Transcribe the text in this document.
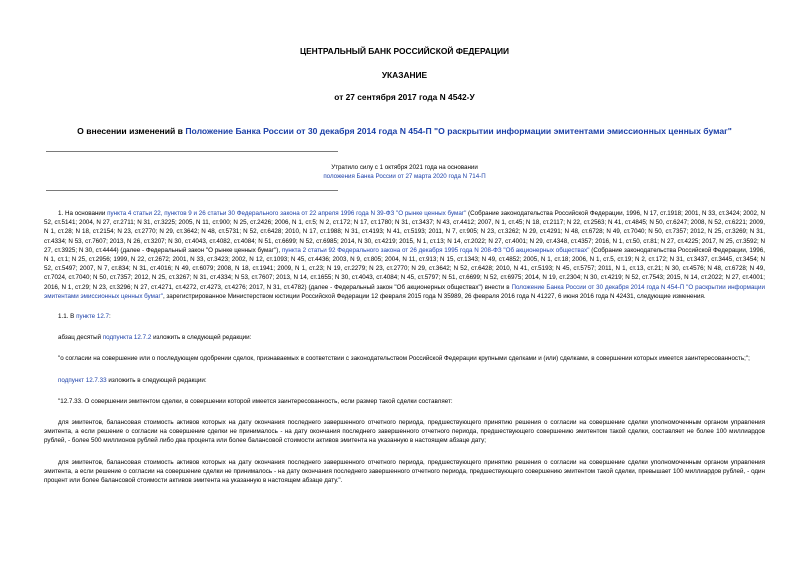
ЦЕНТРАЛЬНЫЙ БАНК РОССИЙСКОЙ ФЕДЕРАЦИИ
УКАЗАНИЕ
от 27 сентября 2017 года N 4542-У
О внесении изменений в Положение Банка России от 30 декабря 2014 года N 454-П "О раскрытии информации эмитентами эмиссионных ценных бумаг"
Утратило силу с 1 октября 2021 года на основании
положения Банка России от 27 марта 2020 года N 714-П

1. На основании пункта 4 статьи 22, пунктов 9 и 26 статьи 30 Федерального закона от 22 апреля 1996 года N 39-ФЗ "О рынке ценных бумаг" (Собрание законодательства Российской Федерации, 1996, N 17, ст.1918; 2001, N 33, ст.3424; 2002, N 52, ст.5141; 2004, N 27, ст.2711; N 31, ст.3225; 2005, N 11, ст.900; N 25, ст.2426; 2006, N 1, ст.5; N 2, ст.172; N 17, ст.1780; N 31, ст.3437; N 43, ст.4412; 2007, N 1, ст.45; N 18, ст.2117; N 22, ст.2563; N 41, ст.4845; N 50, ст.6247; 2008, N 52, ст.6221; 2009, N 1, ст.28; N 18, ст.2154; N 23, ст.2770; N 29, ст.3642; N 48, ст.5731; N 52, ст.6428; 2010, N 17, ст.1988; N 31, ст.4193; N 41, ст.5193; 2011, N 7, ст.905; N 23, ст.3262; N 29, ст.4291; N 48, ст.6728; N 49, ст.7040; N 50, ст.7357; 2012, N 25, ст.3269; N 31, ст.4334; N 53, ст.7607; 2013, N 26, ст.3207; N 30, ст.4043, ст.4082, ст.4084; N 51, ст.6699; N 52, ст.6985; 2014, N 30, ст.4219; 2015, N 1, ст.13; N 14, ст.2022; N 27, ст.4001; N 29, ст.4348, ст.4357; 2016, N 1, ст.50, ст.81; N 27, ст.4225; 2017, N 25, ст.3592; N 27, ст.3925; N 30, ст.4444) (далее - Федеральный закон "О рынке ценных бумаг"), пункта 2 статьи 92 Федерального закона от 26 декабря 1995 года N 208-ФЗ "Об акционерных обществах" (Собрание законодательства Российской Федерации, 1996, N 1, ст.1; N 25, ст.2956; 1999, N 22, ст.2672; 2001, N 33, ст.3423; 2002, N 12, ст.1093; N 45, ст.4436; 2003, N 9, ст.805; 2004, N 11, ст.913; N 15, ст.1343; N 49, ст.4852; 2005, N 1, ст.18; 2006, N 1, ст.5, ст.19; N 2, ст.172; N 31, ст.3437, ст.3445, ст.3454; N 52, ст.5497; 2007, N 7, ст.834; N 31, ст.4016; N 49, ст.6079; 2008, N 18, ст.1941; 2009, N 1, ст.23; N 19, ст.2279; N 23, ст.2770; N 29, ст.3642; N 52, ст.6428; 2010, N 41, ст.5193; N 45, ст.5757; 2011, N 1, ст.13, ст.21; N 30, ст.4576; N 48, ст.6728; N 49, ст.7024, ст.7040; N 50, ст.7357; 2012, N 25, ст.3267; N 31, ст.4334; N 53, ст.7607; 2013, N 14, ст.1655; N 30, ст.4043, ст.4084; N 45, ст.5797; N 51, ст.6699; N 52, ст.6975; 2014, N 19, ст.2304; N 30, ст.4219; N 52, ст.7543; 2015, N 14, ст.2022; N 27, ст.4001; 2016, N 1, ст.29; N 23, ст.3296; N 27, ст.4271, ст.4272, ст.4273, ст.4276; 2017, N 31, ст.4782) (далее - Федеральный закон "Об акционерных обществах") внести в Положение Банка России от 30 декабря 2014 года N 454-П "О раскрытии информации эмитентами эмиссионных ценных бумаг", зарегистрированное Министерством юстиции Российской Федерации 12 февраля 2015 года N 35989, 26 февраля 2016 года N 41227, 6 июня 2016 года N 42431, следующие изменения.

1.1. В пункте 12.7:

абзац десятый подпункта 12.7.2 изложить в следующей редакции:

"о согласии на совершение или о последующем одобрении сделок, признаваемых в соответствии с законодательством Российской Федерации крупными сделками и (или) сделками, в совершении которых имеется заинтересованность;";

подпункт 12.7.33 изложить в следующей редакции:

"12.7.33. О совершении эмитентом сделки, в совершении которой имеется заинтересованность, если размер такой сделки составляет:

для эмитентов, балансовая стоимость активов которых на дату окончания последнего завершенного отчетного периода, предшествующего принятию решения о согласии на совершение сделки уполномоченным органом управления эмитента, а если решение о согласии на совершение сделки не принималось - на дату окончания последнего завершенного отчетного периода, предшествующего совершению эмитентом такой сделки, составляет не более 100 миллиардов рублей, - более 500 миллионов рублей либо два процента или более балансовой стоимости активов эмитента на указанную в настоящем абзаце дату;

для эмитентов, балансовая стоимость активов которых на дату окончания последнего завершенного отчетного периода, предшествующего принятию решения о согласии на совершение сделки уполномоченным органом управления эмитента, а если решение о согласии на совершение сделки не принималось - на дату окончания последнего завершенного отчетного периода, предшествующего совершению эмитентом такой сделки, превышает 100 миллиардов рублей, - один процент или более балансовой стоимости активов эмитента на указанную в настоящем абзаце дату.".
